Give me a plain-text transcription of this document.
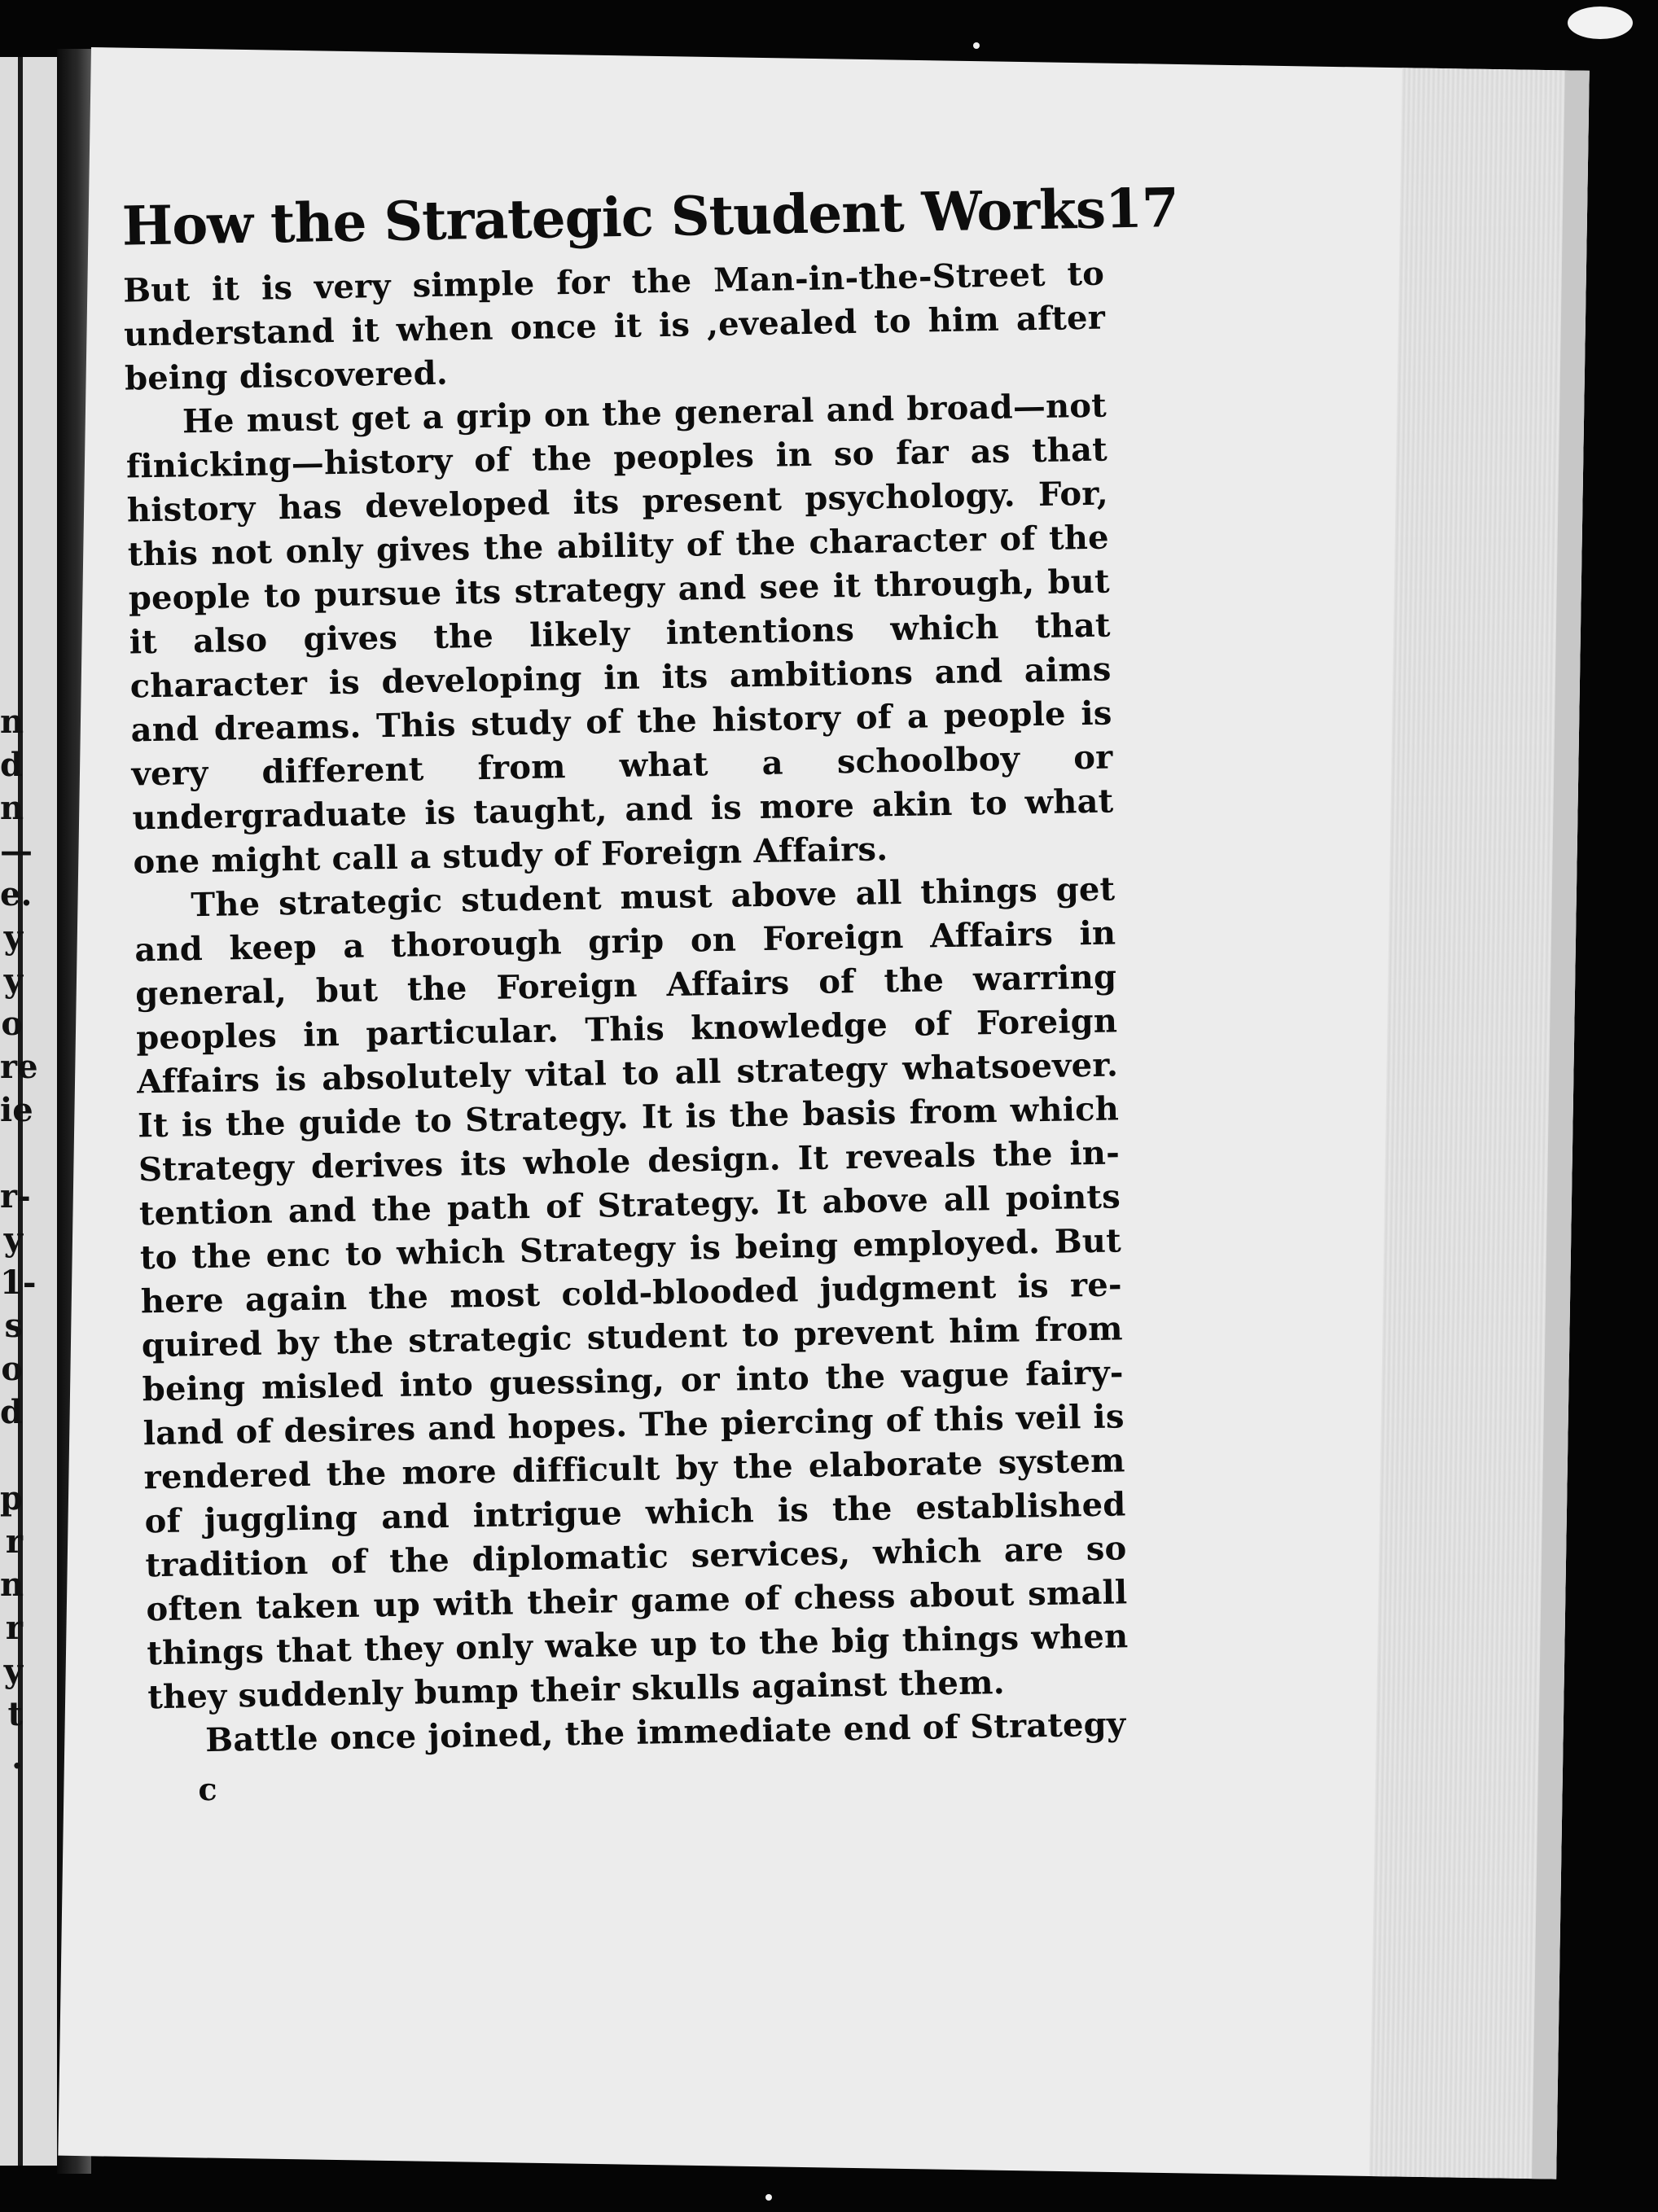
n
d
n
—
e.
y
y
o
re
ie

r-
y
1-
s
o
d

p
r
n
r
y
t
.
How the Strategic Student Works
17

But it is very simple for the Man-in-the-Street to understand it when once it is ,evealed to him after being discovered.

He must get a grip on the general and broad—not finicking—history of the peoples in so far as that history has developed its present psychology. For, this not only gives the ability of the character of the people to pursue its strategy and see it through, but it also gives the likely intentions which that character is developing in its ambitions and aims and dreams. This study of the history of a people is very different from what a schoolboy or undergraduate is taught, and is more akin to what one might call a study of Foreign Affairs.

The strategic student must above all things get and keep a thorough grip on Foreign Affairs in general, but the Foreign Affairs of the warring peoples in particular. This knowledge of Foreign Affairs is absolutely vital to all strategy whatsoever. It is the guide to Strategy. It is the basis from which Strategy derives its whole design. It reveals the in-tention and the path of Strategy. It above all points to the enc to which Strategy is being employed. But here again the most cold-blooded judgment is re-quired by the strategic student to prevent him from being misled into guessing, or into the vague fairy-land of desires and hopes. The piercing of this veil is rendered the more difficult by the elaborate system of juggling and intrigue which is the established tradition of the diplomatic services, which are so often taken up with their game of chess about small things that they only wake up to the big things when they suddenly bump their skulls against them.

Battle once joined, the immediate end of Strategy

c
